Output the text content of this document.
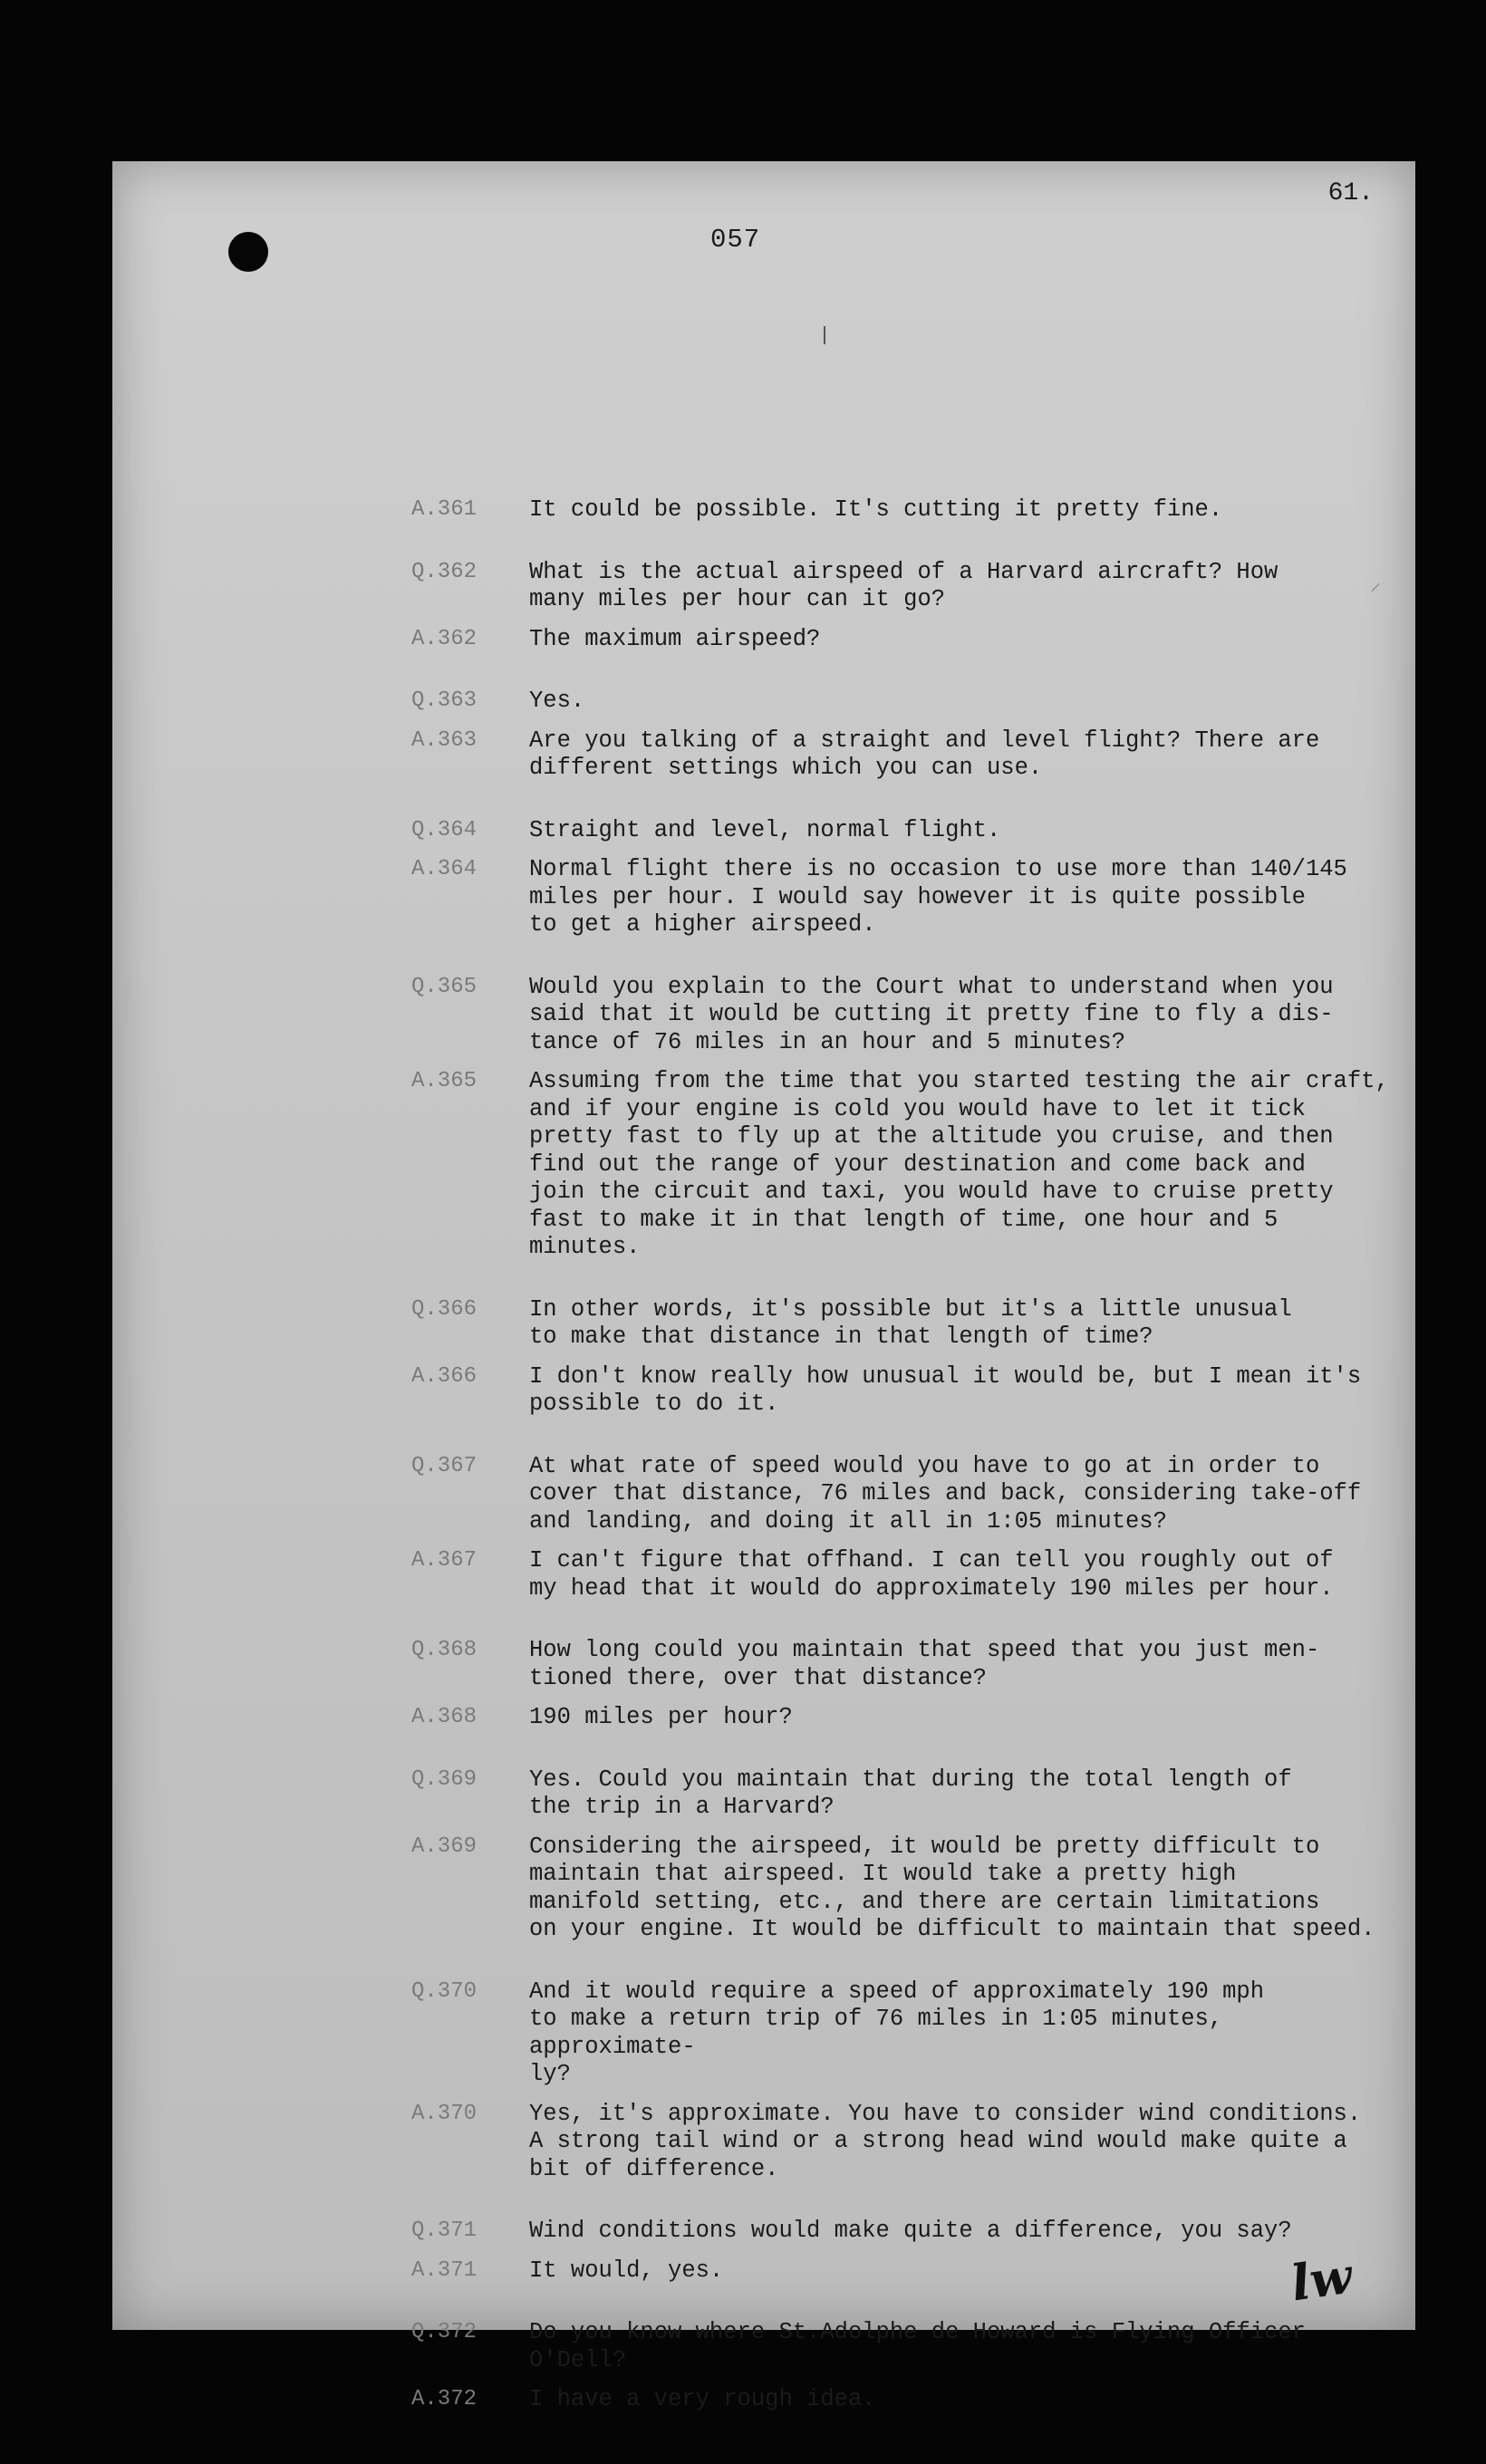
61.
057
⸝
A.361	It could be possible. It's cutting it pretty fine.
Q.362	What is the actual airspeed of a Harvard aircraft? How
many miles per hour can it go?
A.362	The maximum airspeed?
Q.363	Yes.
A.363	Are you talking of a straight and level flight? There are
different settings which you can use.
Q.364	Straight and level, normal flight.
A.364	Normal flight there is no occasion to use more than 140/145
miles per hour. I would say however it is quite possible
to get a higher airspeed.
Q.365	Would you explain to the Court what to understand when you
said that it would be cutting it pretty fine to fly a dis-
tance of 76 miles in an hour and 5 minutes?
A.365	Assuming from the time that you started testing the air craft,
and if your engine is cold you would have to let it tick
pretty fast to fly up at the altitude you cruise, and then
find out the range of your destination and come back and
join the circuit and taxi, you would have to cruise pretty
fast to make it in that length of time, one hour and 5 minutes.
Q.366	In other words, it's possible but it's a little unusual
to make that distance in that length of time?
A.366	I don't know really how unusual it would be, but I mean it's
possible to do it.
Q.367	At what rate of speed would you have to go at in order to
cover that distance, 76 miles and back, considering take-off
and landing, and doing it all in 1:05 minutes?
A.367	I can't figure that offhand. I can tell you roughly out of
my head that it would do approximately 190 miles per hour.
Q.368	How long could you maintain that speed that you just men-
tioned there, over that distance?
A.368	190 miles per hour?
Q.369	Yes. Could you maintain that during the total length of
the trip in a Harvard?
A.369	Considering the airspeed, it would be pretty difficult to
maintain that airspeed. It would take a pretty high
manifold setting, etc., and there are certain limitations
on your engine. It would be difficult to maintain that speed.
Q.370	And it would require a speed of approximately 190 mph
to make a return trip of 76 miles in 1:05 minutes, approximate-
ly?
A.370	Yes, it's approximate. You have to consider wind conditions.
A strong tail wind or a strong head wind would make quite a
bit of difference.
Q.371	Wind conditions would make quite a difference, you say?
A.371	It would, yes.
Q.372	Do you know where St.Adolphe de Howard is Flying Officer
O'Dell?
A.372	I have a very rough idea.
lw
